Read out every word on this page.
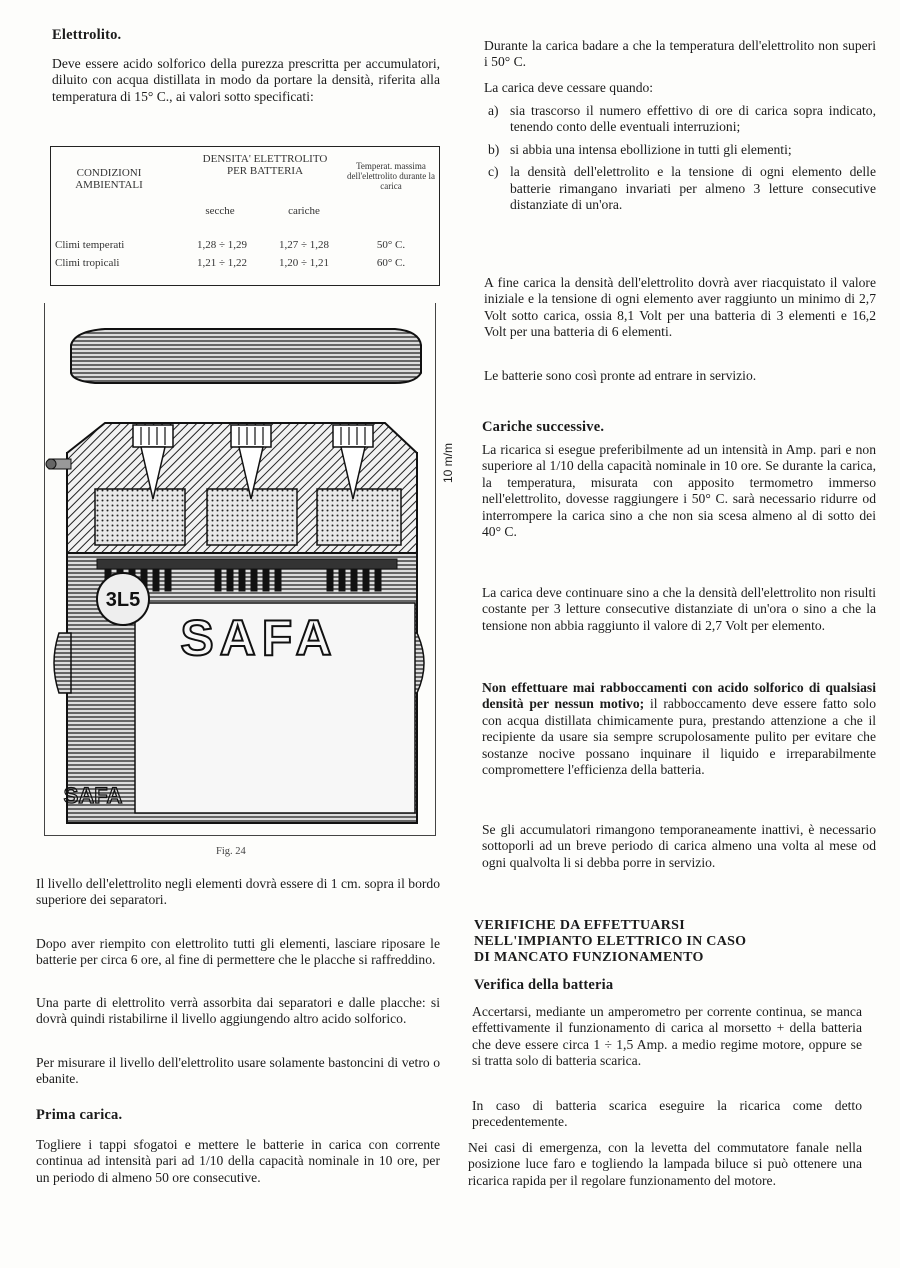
Elettrolito.

Deve essere acido solforico della purezza prescritta per accumulatori, diluito con acqua distillata in modo da portare la densità, riferita alla temperatura di 15° C., ai valori sotto specificati:

CONDIZIONI AMBIENTALI
DENSITA' ELETTROLITO PER BATTERIA
secche	cariche
Temperat. massima dell'elettrolito durante la carica
Climi temperati	1,28 ÷ 1,29	1,27 ÷ 1,28	50° C.
Climi tropicali	1,21 ÷ 1,22	1,20 ÷ 1,21	60° C.
SAFA
SAFA
3L5
10 m/m
Fig. 24

Il livello dell'elettrolito negli elementi dovrà essere di 1 cm. sopra il bordo superiore dei separatori.

Dopo aver riempito con elettrolito tutti gli elementi, lasciare riposare le batterie per circa 6 ore, al fine di permettere che le placche si raffreddino.

Una parte di elettrolito verrà assorbita dai separatori e dalle placche: si dovrà quindi ristabilirne il livello aggiungendo altro acido solforico.

Per misurare il livello dell'elettrolito usare solamente bastoncini di vetro o ebanite.

Prima carica.

Togliere i tappi sfogatoi e mettere le batterie in carica con corrente continua ad intensità pari ad 1/10 della capacità nominale in 10 ore, per un periodo di almeno 50 ore consecutive.

Durante la carica badare a che la temperatura dell'elettrolito non superi i 50° C.

La carica deve cessare quando:

a) sia trascorso il numero effettivo di ore di carica sopra indicato, tenendo conto delle eventuali interruzioni;
b) si abbia una intensa ebollizione in tutti gli elementi;
c) la densità dell'elettrolito e la tensione di ogni elemento delle batterie rimangano invariati per almeno 3 letture consecutive distanziate di un'ora.

A fine carica la densità dell'elettrolito dovrà aver riacquistato il valore iniziale e la tensione di ogni elemento aver raggiunto un minimo di 2,7 Volt sotto carica, ossia 8,1 Volt per una batteria di 3 elementi e 16,2 Volt per una batteria di 6 elementi.

Le batterie sono così pronte ad entrare in servizio.

Cariche successive.

La ricarica si esegue preferibilmente ad un intensità in Amp. pari e non superiore al 1/10 della capacità nominale in 10 ore. Se durante la carica, la temperatura, misurata con apposito termometro immerso nell'elettrolito, dovesse raggiungere i 50° C. sarà necessario ridurre od interrompere la carica sino a che non sia scesa almeno al di sotto dei 40° C.

La carica deve continuare sino a che la densità dell'elettrolito non risulti costante per 3 letture consecutive distanziate di un'ora o sino a che la tensione non abbia raggiunto il valore di 2,7 Volt per elemento.

Non effettuare mai rabboccamenti con acido solforico di qualsiasi densità per nessun motivo; il rabboccamento deve essere fatto solo con acqua distillata chimicamente pura, prestando attenzione a che il recipiente da usare sia sempre scrupolosamente pulito per evitare che sostanze nocive possano inquinare il liquido e irreparabilmente compromettere l'efficienza della batteria.

Se gli accumulatori rimangono temporaneamente inattivi, è necessario sottoporli ad un breve periodo di carica almeno una volta al mese od ogni qualvolta li si debba porre in servizio.

VERIFICHE DA EFFETTUARSI
NELL'IMPIANTO ELETTRICO IN CASO
DI MANCATO FUNZIONAMENTO
Verifica della batteria

Accertarsi, mediante un amperometro per corrente continua, se manca effettivamente il funzionamento di carica al morsetto + della batteria che deve essere circa 1 ÷ 1,5 Amp. a medio regime motore, oppure se si tratta solo di batteria scarica.

In caso di batteria scarica eseguire la ricarica come detto precedentemente.

Nei casi di emergenza, con la levetta del commutatore fanale nella posizione luce faro e togliendo la lampada biluce si può ottenere una ricarica rapida per il regolare funzionamento del motore.
